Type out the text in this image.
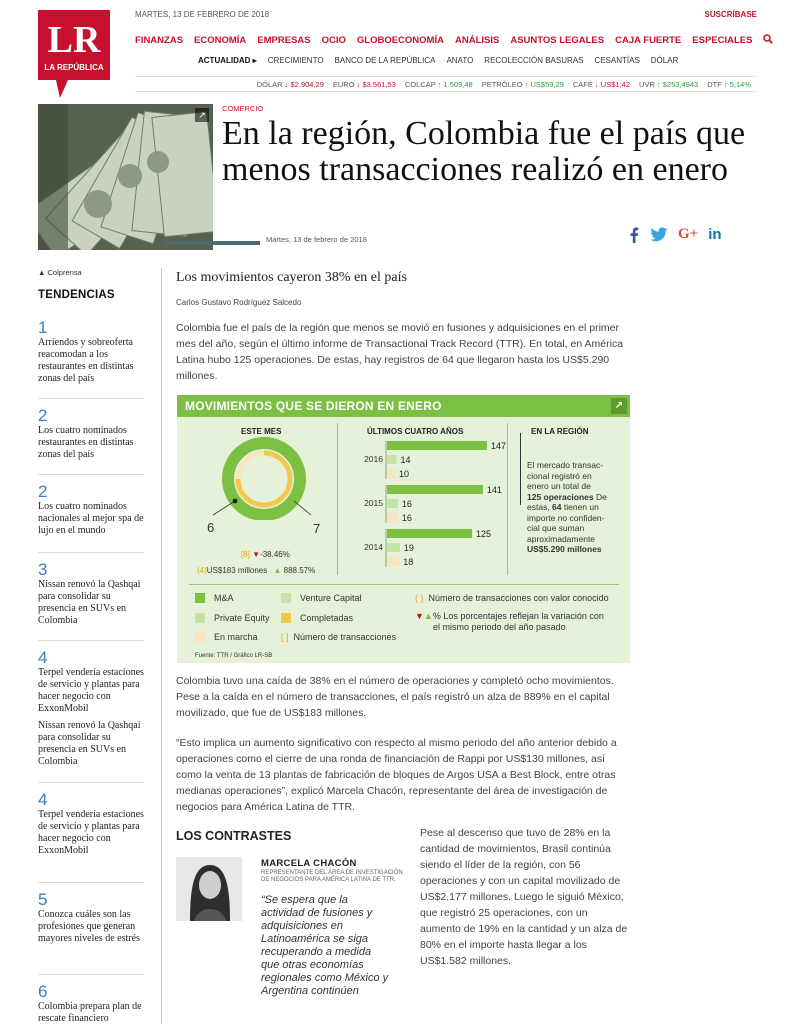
LR
LA REPÚBLICA
MARTES, 13 DE FEBRERO DE 2018	SUSCRÍBASE
FINANZAS ECONOMÍA EMPRESAS OCIO GLOBOECONOMÍA ANÁLISIS ASUNTOS LEGALES CAJA FUERTE ESPECIALES
ACTUALIDAD ▸ CRECIMIENTO BANCO DE LA REPÚBLICA ANATO RECOLECCIÓN BASURAS CESANTÍAS DÓLAR
DÓLAR ↓ $2.904,29 EURO ↓ $3.561,53 COLCAP ↑ 1.509,48 PETRÓLEO ↑ US$59,29 CAFÉ ↓ US$1,42 UVR ↑ $253,4943 DTF ↑ 5,14%
↗
COMERCIO
En la región, Colombia fue el país que menos transacciones realizó en enero
Martes, 13 de febrero de 2018	G+ in
▲ Colprensa
TENDENCIAS
1
Arriendos y sobreoferta reacomodan a los restaurantes en distintas zonas del país
2
Los cuatro nominados restaurantes en distintas zonas del país
2
Los cuatro nominados nacionales al mejor spa de lujo en el mundo
3
Nissan renovó la Qashqai para consolidar su presencia en SUVs en Colombia
4
Terpel vendería estaciones de servicio y plantas para hacer negocio con ExxonMobil
Nissan renovó la Qashqai para consolidar su presencia en SUVs en Colombia
4
Terpel vendería estaciones de servicio y plantas para hacer negocio con ExxonMobil
5
Conozca cuáles son las profesiones que generan mayores niveles de estrés
6
Colombia prepara plan de rescate financiero
Los movimientos cayeron 38% en el país
Carlos Gustavo Rodríguez Salcedo

Colombia fue el país de la región que menos se movió en fusiones y adquisiciones en el primer mes del año, según el último informe de Transactional Track Record (TTR). En total, en América Latina hubo 125 operaciones. De estas, hay registros de 64 que llegaron hasta los US$5.290 millones.

MOVIMIENTOS QUE SE DIERON EN ENERO	↗
ESTE MES
6	7
[8] ▼-38.46%
(4)US$183 millones ▲ 888.57%
ÚLTIMOS CUATRO AÑOS
2016
147
14
10
2015
141
16
16
2014
125
19
18
EN LA REGIÓN
El mercado transac-
cional registró en
enero un total de
125 operaciones De
estas, 64 tienen un
importe no confiden-
cial que suman
aproximadamente
US$5.290 millones
M&A	Venture Capital	( ) Número de transacciones con valor conocido
Private Equity	Completadas	▼▲% Los porcentajes reflejan la variación con
el mismo periodo del año pasado
En marcha	[ ] Número de transacciones
Fuente: TTR / Gráfico LR-SB

Colombia tuvo una caída de 38% en el número de operaciones y completó ocho movimientos. Pese a la caída en el número de transacciones, el país registró un alza de 889% en el capital movilizado, que fue de US$183 millones.

“Esto implica un aumento significativo con respecto al mismo periodo del año anterior debido a operaciones como el cierre de una ronda de financiación de Rappi por US$130 millones, así como la venta de 13 plantas de fabricación de bloques de Argos USA a Best Block, entre otras medianas operaciones”, explicó Marcela Chacón, representante del área de investigación de negocios para América Latina de TTR.

LOS CONTRASTES
MARCELA CHACÓN
REPRESENTANTE DEL ÁREA DE INVESTIGACIÓN DE NEGOCIOS PARA AMÉRICA LATINA DE TTR.
“Se espera que la actividad de fusiones y adquisiciones en Latinoamérica se siga recuperando a medida que otras economías regionales como México y Argentina continúen
Pese al descenso que tuvo de 28% en la cantidad de movimientos, Brasil continúa siendo el líder de la región, con 56 operaciones y con un capital movilizado de US$2.177 millones. Luego le siguió México, que registró 25 operaciones, con un aumento de 19% en la cantidad y un alza de 80% en el importe hasta llegar a los US$1.582 millones.
